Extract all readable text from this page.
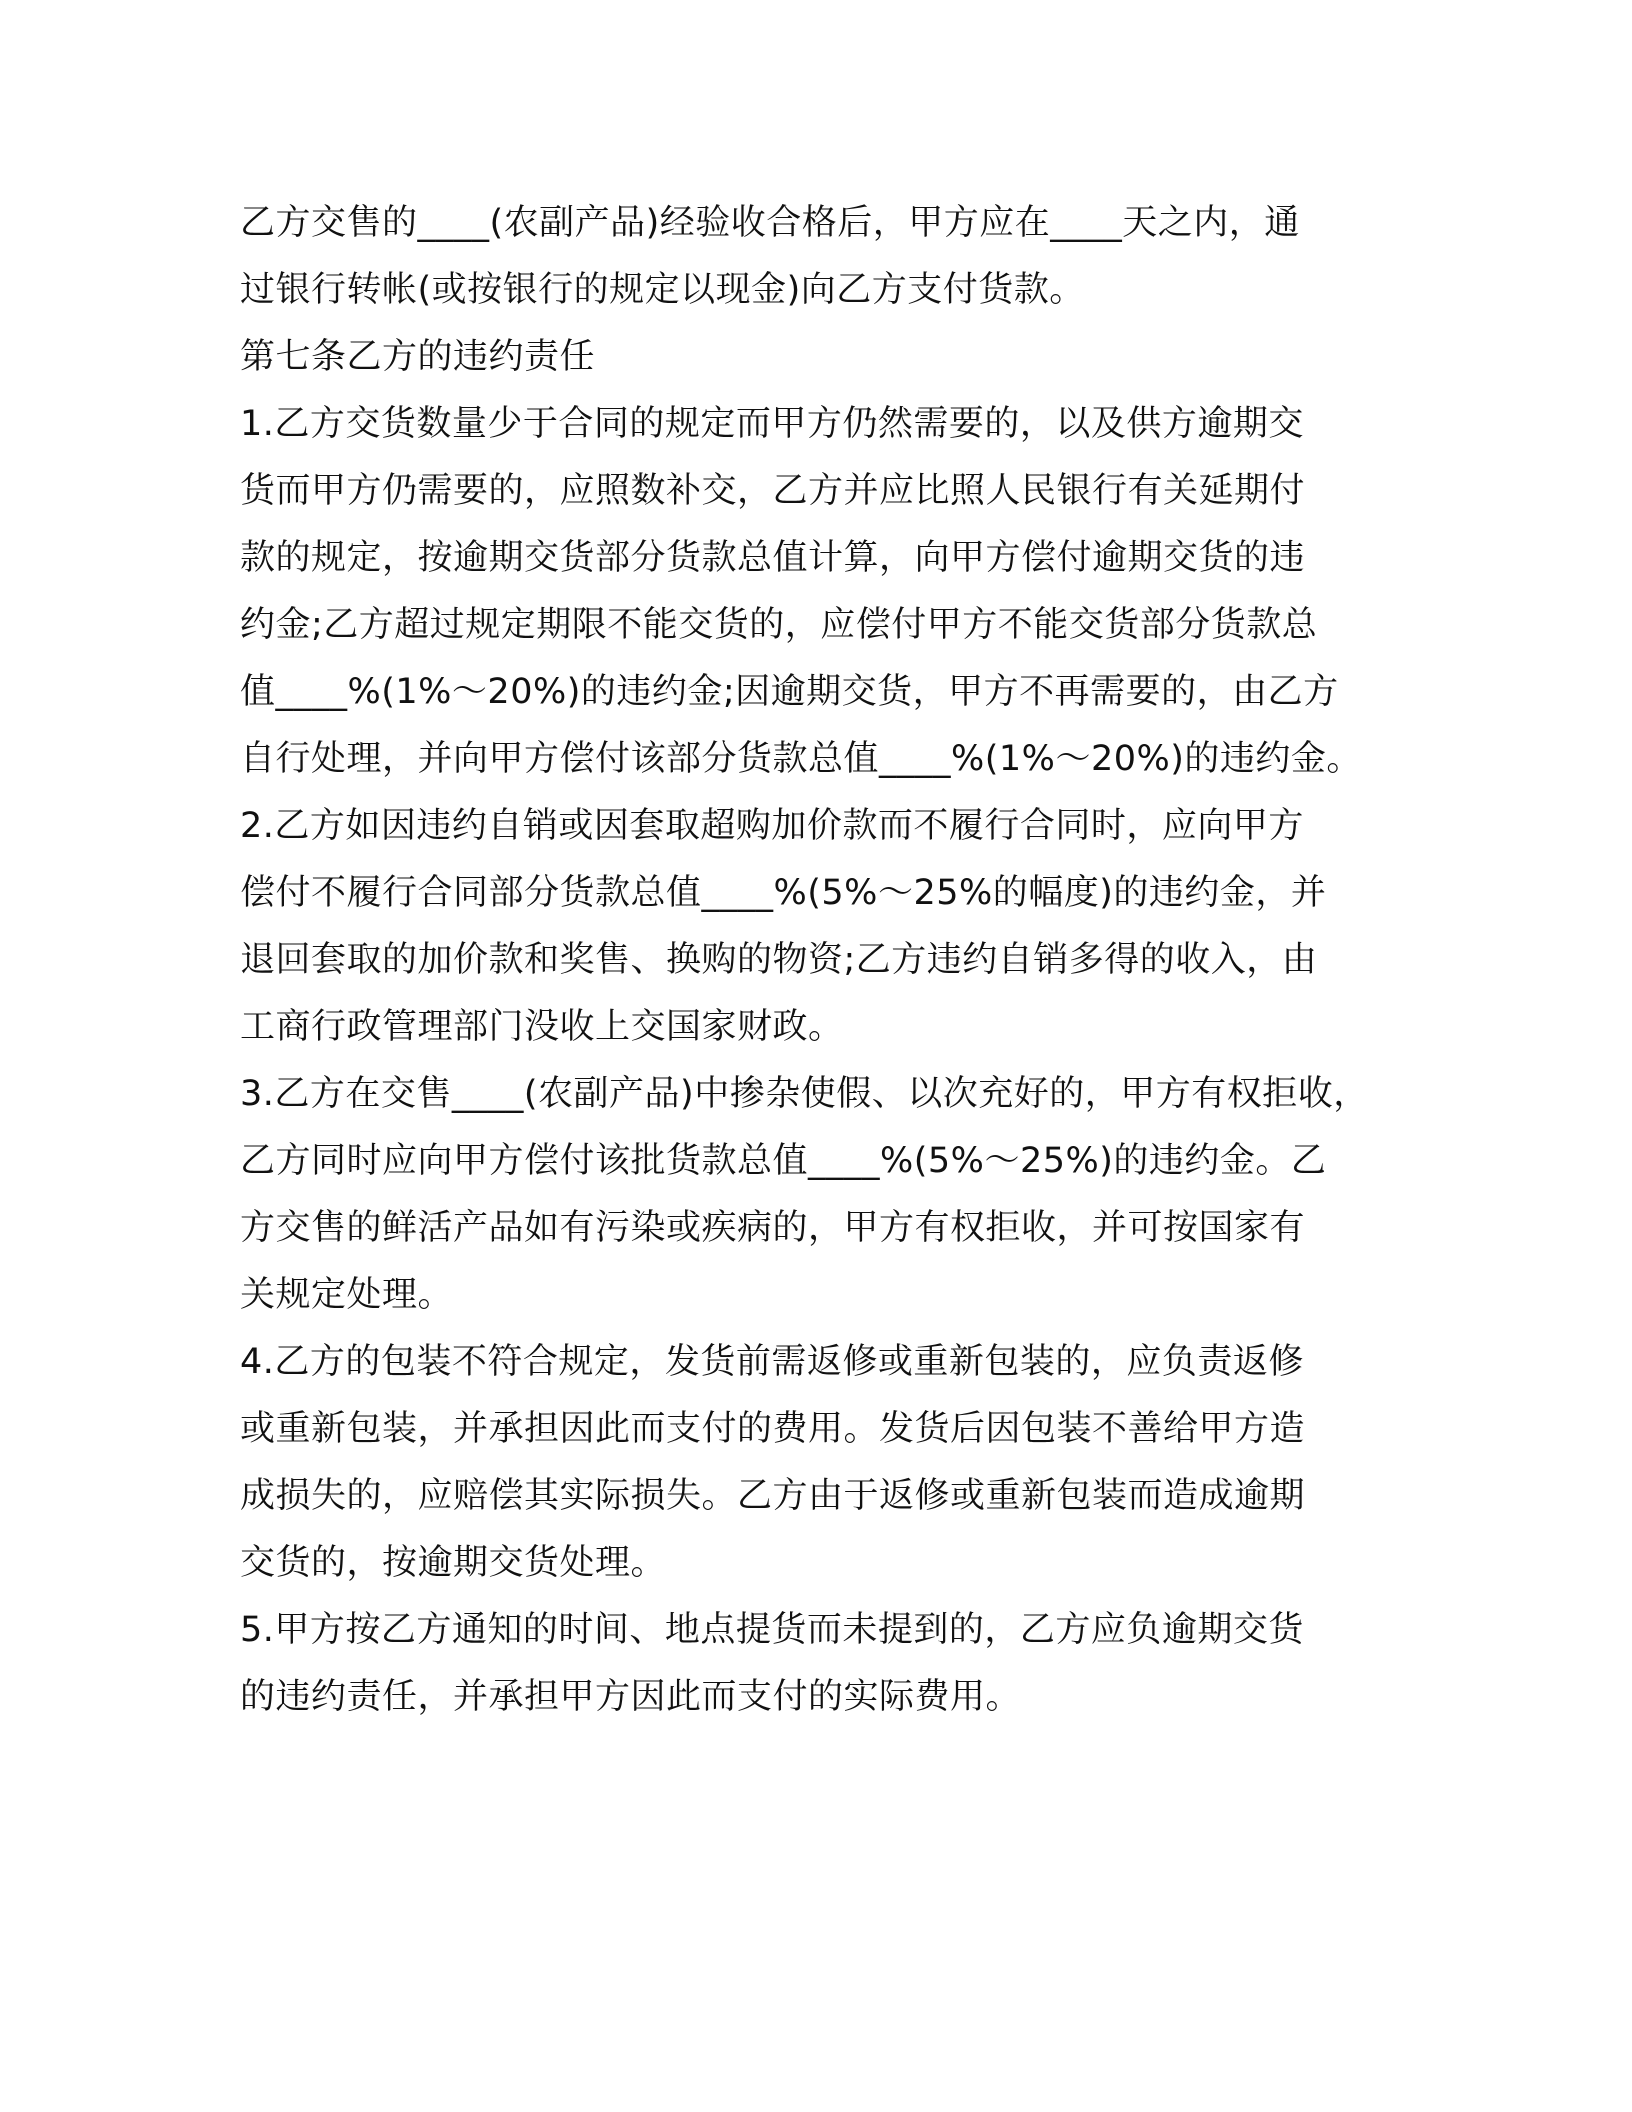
乙方交售的____(农副产品)经验收合格后，甲方应在____天之内，通
过银行转帐(或按银行的规定以现金)向乙方支付货款。
第七条乙方的违约责任
1.乙方交货数量少于合同的规定而甲方仍然需要的，以及供方逾期交
货而甲方仍需要的，应照数补交，乙方并应比照人民银行有关延期付
款的规定，按逾期交货部分货款总值计算，向甲方偿付逾期交货的违
约金;乙方超过规定期限不能交货的，应偿付甲方不能交货部分货款总
值____%(1%～20%)的违约金;因逾期交货，甲方不再需要的，由乙方
自行处理，并向甲方偿付该部分货款总值____%(1%～20%)的违约金。
2.乙方如因违约自销或因套取超购加价款而不履行合同时，应向甲方
偿付不履行合同部分货款总值____%(5%～25%的幅度)的违约金，并
退回套取的加价款和奖售、换购的物资;乙方违约自销多得的收入，由
工商行政管理部门没收上交国家财政。
3.乙方在交售____(农副产品)中掺杂使假、以次充好的，甲方有权拒收，
乙方同时应向甲方偿付该批货款总值____%(5%～25%)的违约金。乙
方交售的鲜活产品如有污染或疾病的，甲方有权拒收，并可按国家有
关规定处理。
4.乙方的包装不符合规定，发货前需返修或重新包装的，应负责返修
或重新包装，并承担因此而支付的费用。发货后因包装不善给甲方造
成损失的，应赔偿其实际损失。乙方由于返修或重新包装而造成逾期
交货的，按逾期交货处理。
5.甲方按乙方通知的时间、地点提货而未提到的，乙方应负逾期交货
的违约责任，并承担甲方因此而支付的实际费用。
